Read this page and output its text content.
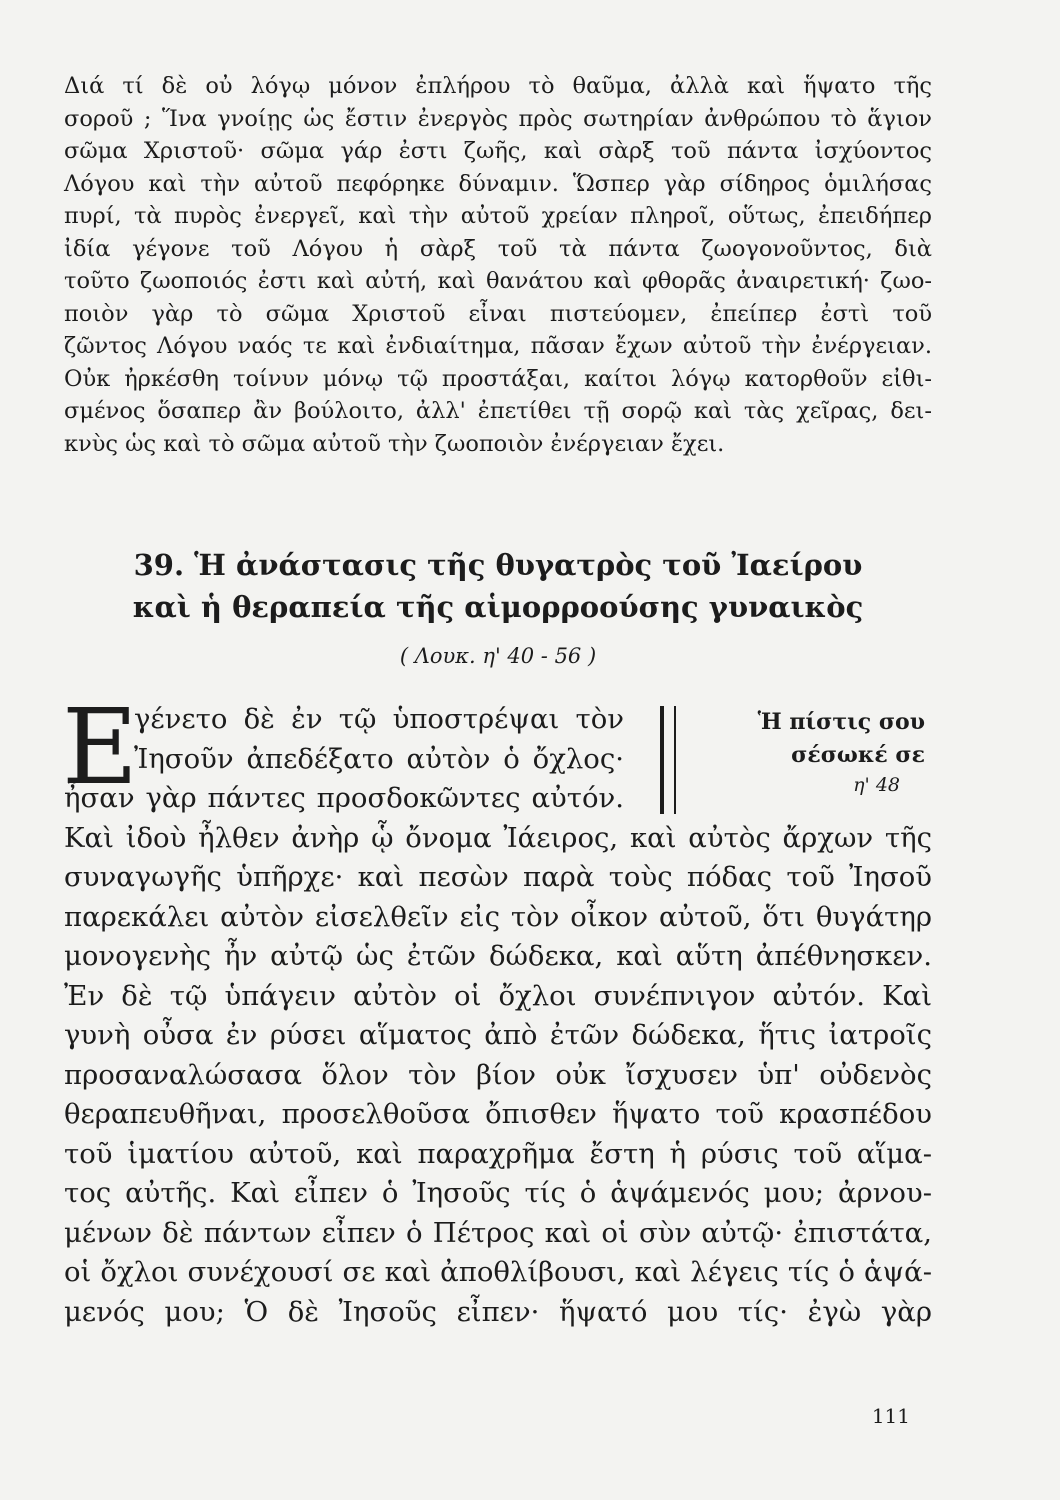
Διά τί δὲ οὐ λόγῳ μόνον ἐπλήρου τὸ θαῦμα, ἀλλὰ καὶ ἥψατο τῆς
σοροῦ ; Ἵνα γνοίῃς ὡς ἔστιν ἐνεργὸς πρὸς σωτηρίαν ἀνθρώπου τὸ ἅγιον
σῶμα Χριστοῦ· σῶμα γάρ ἐστι ζωῆς, καὶ σὰρξ τοῦ πάντα ἰσχύοντος
Λόγου καὶ τὴν αὐτοῦ πεφόρηκε δύναμιν. Ὥσπερ γὰρ σίδηρος ὁμιλήσας
πυρί, τὰ πυρὸς ἐνεργεῖ, καὶ τὴν αὐτοῦ χρείαν πληροῖ, οὕτως, ἐπειδήπερ
ἰδία γέγονε τοῦ Λόγου ἡ σὰρξ τοῦ τὰ πάντα ζωογονοῦντος, διὰ
τοῦτο ζωοποιός ἐστι καὶ αὐτή, καὶ θανάτου καὶ φθορᾶς ἀναιρετική· ζωο-
ποιὸν γὰρ τὸ σῶμα Χριστοῦ εἶναι πιστεύομεν, ἐπείπερ ἐστὶ τοῦ
ζῶντος Λόγου ναός τε καὶ ἐνδιαίτημα, πᾶσαν ἔχων αὐτοῦ τὴν ἐνέργειαν.
Οὐκ ἠρκέσθη τοίνυν μόνῳ τῷ προστάξαι, καίτοι λόγῳ κατορθοῦν εἰθι-
σμένος ὅσαπερ ἂν βούλοιτο, ἀλλ' ἐπετίθει τῇ σορῷ καὶ τὰς χεῖρας, δει-
κνὺς ὡς καὶ τὸ σῶμα αὐτοῦ τὴν ζωοποιὸν ἐνέργειαν ἔχει.
39. Ἡ ἀνάστασις τῆς θυγατρὸς τοῦ Ἰαείρου
καὶ ἡ θεραπεία τῆς αἱμορροούσης γυναικὸς
( Λουκ. η' 40 - 56 )
Ε
γένετο δὲ ἐν τῷ ὑποστρέψαι τὸν
Ἰησοῦν ἀπεδέξατο αὐτὸν ὁ ὄχλος·
ἦσαν γὰρ πάντες προσδοκῶντες αὐτόν.
Καὶ ἰδοὺ ἦλθεν ἀνὴρ ᾧ ὄνομα Ἰάειρος, καὶ αὐτὸς ἄρχων τῆς
συναγωγῆς ὑπῆρχε· καὶ πεσὼν παρὰ τοὺς πόδας τοῦ Ἰησοῦ
παρεκάλει αὐτὸν εἰσελθεῖν εἰς τὸν οἶκον αὐτοῦ, ὅτι θυγάτηρ
μονογενὴς ἦν αὐτῷ ὡς ἐτῶν δώδεκα, καὶ αὕτη ἀπέθνησκεν.
Ἐν δὲ τῷ ὑπάγειν αὐτὸν οἱ ὄχλοι συνέπνιγον αὐτόν. Καὶ
γυνὴ οὖσα ἐν ρύσει αἵματος ἀπὸ ἐτῶν δώδεκα, ἥτις ἰατροῖς
προσαναλώσασα ὅλον τὸν βίον οὐκ ἴσχυσεν ὑπ' οὐδενὸς
θεραπευθῆναι, προσελθοῦσα ὄπισθεν ἥψατο τοῦ κρασπέδου
τοῦ ἱματίου αὐτοῦ, καὶ παραχρῆμα ἔστη ἡ ρύσις τοῦ αἵμα-
τος αὐτῆς. Καὶ εἶπεν ὁ Ἰησοῦς τίς ὁ ἁψάμενός μου; ἀρνου-
μένων δὲ πάντων εἶπεν ὁ Πέτρος καὶ οἱ σὺν αὐτῷ· ἐπιστάτα,
οἱ ὄχλοι συνέχουσί σε καὶ ἀποθλίβουσι, καὶ λέγεις τίς ὁ ἁψά-
μενός μου; Ὁ δὲ Ἰησοῦς εἶπεν· ἥψατό μου τίς· ἐγὼ γὰρ
Ἡ πίστις σου
σέσωκέ σε
η' 48
111
